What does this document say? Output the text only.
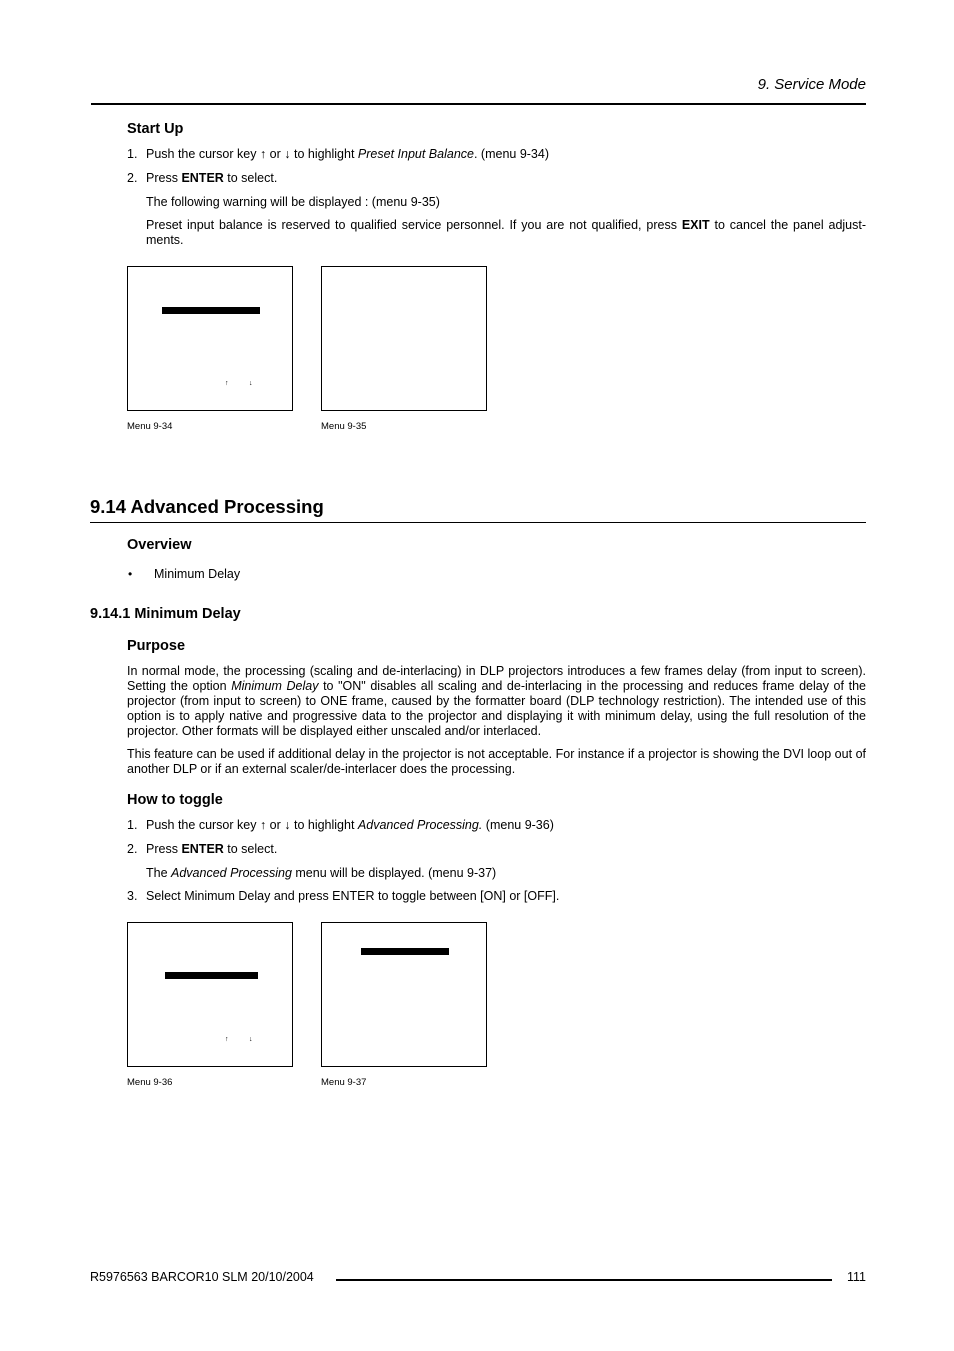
9. Service Mode
Start Up
1. Push the cursor key ↑ or ↓ to highlight Preset Input Balance. (menu 9-34)
2. Press ENTER to select.
The following warning will be displayed : (menu 9-35)
Preset input balance is reserved to qualified service personnel. If you are not qualified, press EXIT to cancel the panel adjust-ments.
↑	↓
Menu 9-34	Menu 9-35
9.14 Advanced Processing
Overview
• Minimum Delay
9.14.1 Minimum Delay
Purpose
In normal mode, the processing (scaling and de-interlacing) in DLP projectors introduces a few frames delay (from input to screen). Setting the option Minimum Delay to "ON" disables all scaling and de-interlacing in the processing and reduces frame delay of the projector (from input to screen) to ONE frame, caused by the formatter board (DLP technology restriction). The intended use of this option is to apply native and progressive data to the projector and displaying it with minimum delay, using the full resolution of the projector. Other formats will be displayed either unscaled and/or interlaced.
This feature can be used if additional delay in the projector is not acceptable. For instance if a projector is showing the DVI loop out of another DLP or if an external scaler/de-interlacer does the processing.
How to toggle
1. Push the cursor key ↑ or ↓ to highlight Advanced Processing. (menu 9-36)
2. Press ENTER to select.
The Advanced Processing menu will be displayed. (menu 9-37)
3. Select Minimum Delay and press ENTER to toggle between [ON] or [OFF].
↑	↓
Menu 9-36	Menu 9-37
R5976563 BARCOR10 SLM 20/10/2004	111
